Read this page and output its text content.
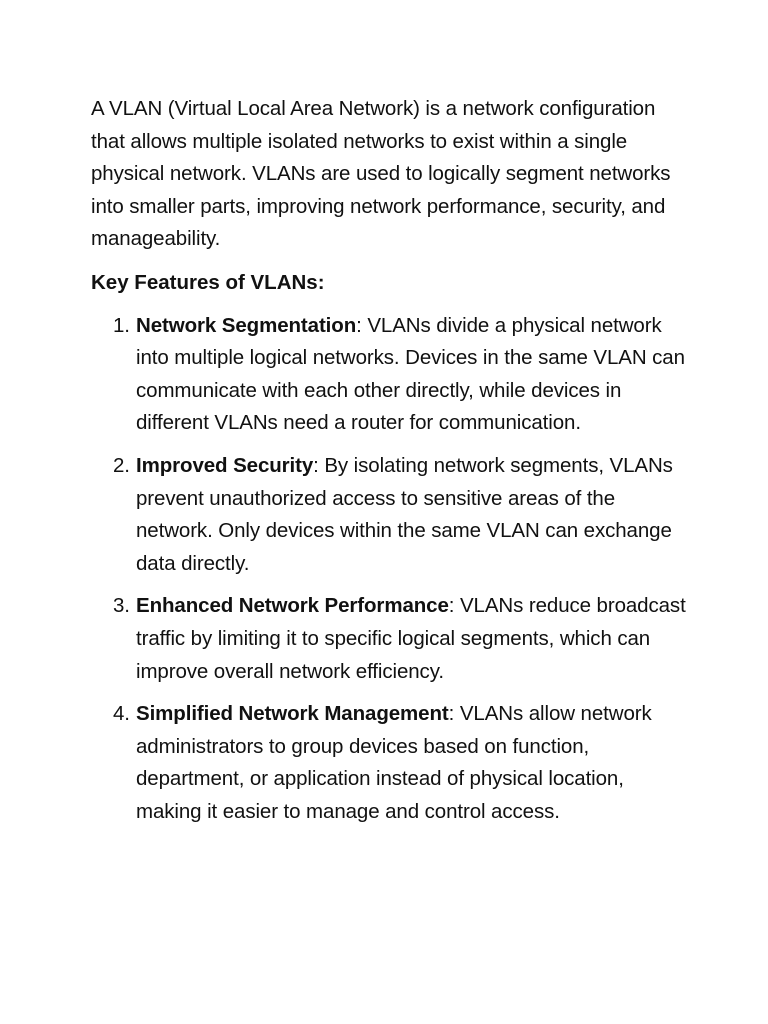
A VLAN (Virtual Local Area Network) is a network configuration that allows multiple isolated networks to exist within a single physical network. VLANs are used to logically segment networks into smaller parts, improving network performance, security, and manageability.

Key Features of VLANs:
1. Network Segmentation: VLANs divide a physical network into multiple logical networks. Devices in the same VLAN can communicate with each other directly, while devices in different VLANs need a router for communication.
2. Improved Security: By isolating network segments, VLANs prevent unauthorized access to sensitive areas of the network. Only devices within the same VLAN can exchange data directly.
3. Enhanced Network Performance: VLANs reduce broadcast traffic by limiting it to specific logical segments, which can improve overall network efficiency.
4. Simplified Network Management: VLANs allow network administrators to group devices based on function, department, or application instead of physical location, making it easier to manage and control access.
